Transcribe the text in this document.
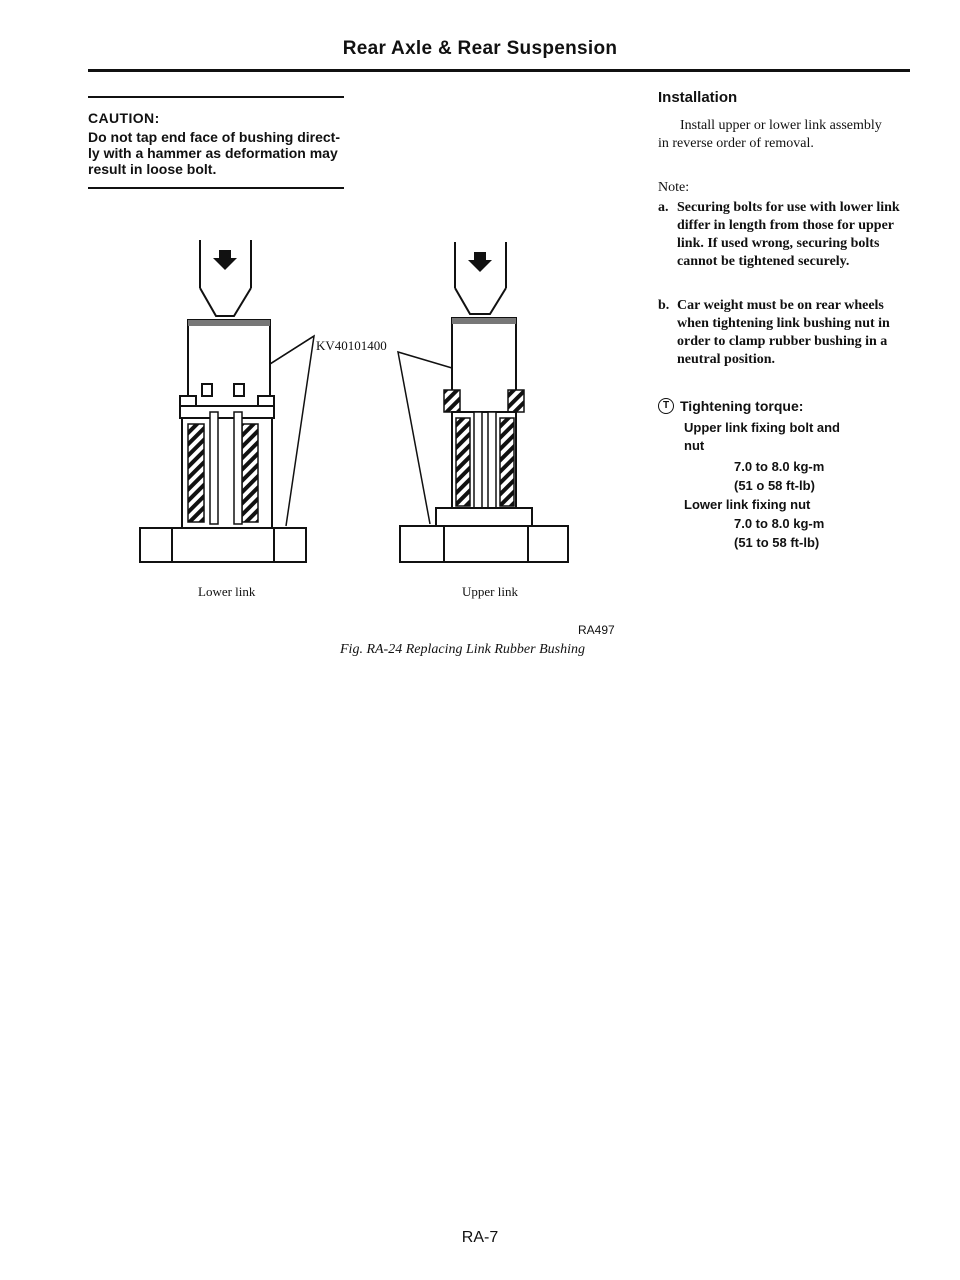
Rear Axle & Rear Suspension
CAUTION:
Do not tap end face of bushing direct-
ly with a hammer as deformation may
result in loose bolt.
KV40101400
Lower link	Upper link
RA497
Fig. RA-24 Replacing Link Rubber Bushing
Installation
Install upper or lower link assembly
in reverse order of removal.
Note:
a. Securing bolts for use with lower link differ in length from those for upper link. If used wrong, securing bolts cannot be tightened securely.
b. Car weight must be on rear wheels when tightening link bushing nut in order to clamp rubber bushing in a neutral position.
T Tightening torque:
Upper link fixing bolt and
nut
7.0 to 8.0 kg-m
(51 o 58 ft-lb)
Lower link fixing nut
7.0 to 8.0 kg-m
(51 to 58 ft-lb)
RA-7
